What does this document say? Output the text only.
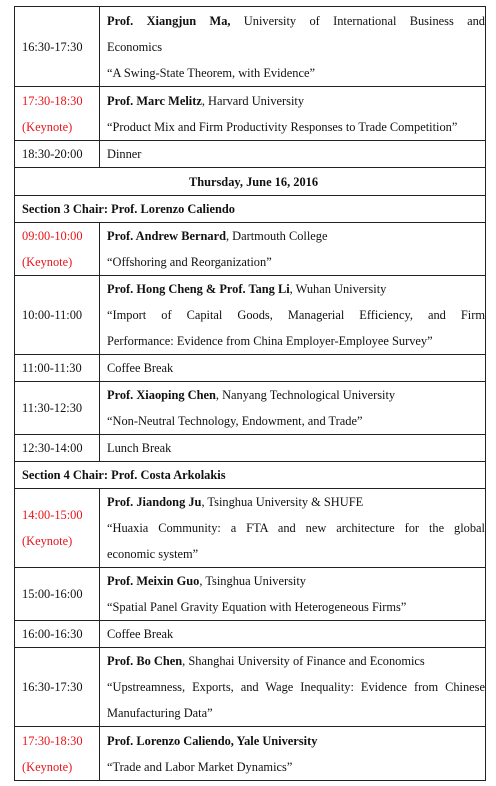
16:30-17:30	Prof. Xiangjun Ma, University of International Business and
Economics
“A Swing-State Theorem, with Evidence”

17:30-18:30
(Keynote)	Prof. Marc Melitz, Harvard University
“Product Mix and Firm Productivity Responses to Trade Competition”

18:30-20:00	Dinner
Thursday, June 16, 2016	
Section 3 Chair: Prof. Lorenzo Caliendo	

09:00-10:00
(Keynote)	Prof. Andrew Bernard, Dartmouth College
“Offshoring and Reorganization”

10:00-11:00	Prof. Hong Cheng & Prof. Tang Li, Wuhan University
“Import of Capital Goods, Managerial Efficiency, and Firm
Performance: Evidence from China Employer-Employee Survey”

11:00-11:30	Coffee Break
11:30-12:30	Prof. Xiaoping Chen, Nanyang Technological University
“Non-Neutral Technology, Endowment, and Trade”

12:30-14:00	Lunch Break
Section 4 Chair: Prof. Costa Arkolakis	

14:00-15:00
(Keynote)	Prof. Jiandong Ju, Tsinghua University & SHUFE
“Huaxia Community: a FTA and new architecture for the global
economic system”

15:00-16:00	Prof. Meixin Guo, Tsinghua University
“Spatial Panel Gravity Equation with Heterogeneous Firms”

16:00-16:30	Coffee Break
16:30-17:30	Prof. Bo Chen, Shanghai University of Finance and Economics
“Upstreamness, Exports, and Wage Inequality: Evidence from Chinese
Manufacturing Data”

17:30-18:30
(Keynote)	Prof. Lorenzo Caliendo, Yale University
“Trade and Labor Market Dynamics”
